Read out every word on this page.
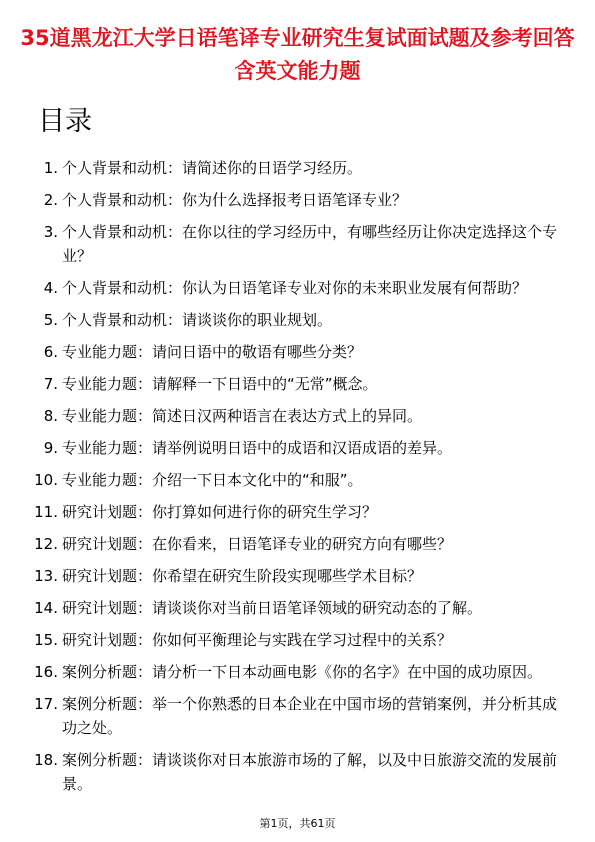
35道黑龙江大学日语笔译专业研究生复试面试题及参考回答含英文能力题
目录
1. 个人背景和动机：请简述你的日语学习经历。
2. 个人背景和动机：你为什么选择报考日语笔译专业？
3. 个人背景和动机：在你以往的学习经历中，有哪些经历让你决定选择这个专业？
4. 个人背景和动机：你认为日语笔译专业对你的未来职业发展有何帮助？
5. 个人背景和动机：请谈谈你的职业规划。
6. 专业能力题：请问日语中的敬语有哪些分类？
7. 专业能力题：请解释一下日语中的“无常”概念。
8. 专业能力题：简述日汉两种语言在表达方式上的异同。
9. 专业能力题：请举例说明日语中的成语和汉语成语的差异。
10. 专业能力题：介绍一下日本文化中的“和服”。
11. 研究计划题：你打算如何进行你的研究生学习？
12. 研究计划题：在你看来，日语笔译专业的研究方向有哪些？
13. 研究计划题：你希望在研究生阶段实现哪些学术目标？
14. 研究计划题：请谈谈你对当前日语笔译领域的研究动态的了解。
15. 研究计划题：你如何平衡理论与实践在学习过程中的关系？
16. 案例分析题：请分析一下日本动画电影《你的名字》在中国的成功原因。
17. 案例分析题：举一个你熟悉的日本企业在中国市场的营销案例，并分析其成功之处。
18. 案例分析题：请谈谈你对日本旅游市场的了解，以及中日旅游交流的发展前景。
第1页，共61页
